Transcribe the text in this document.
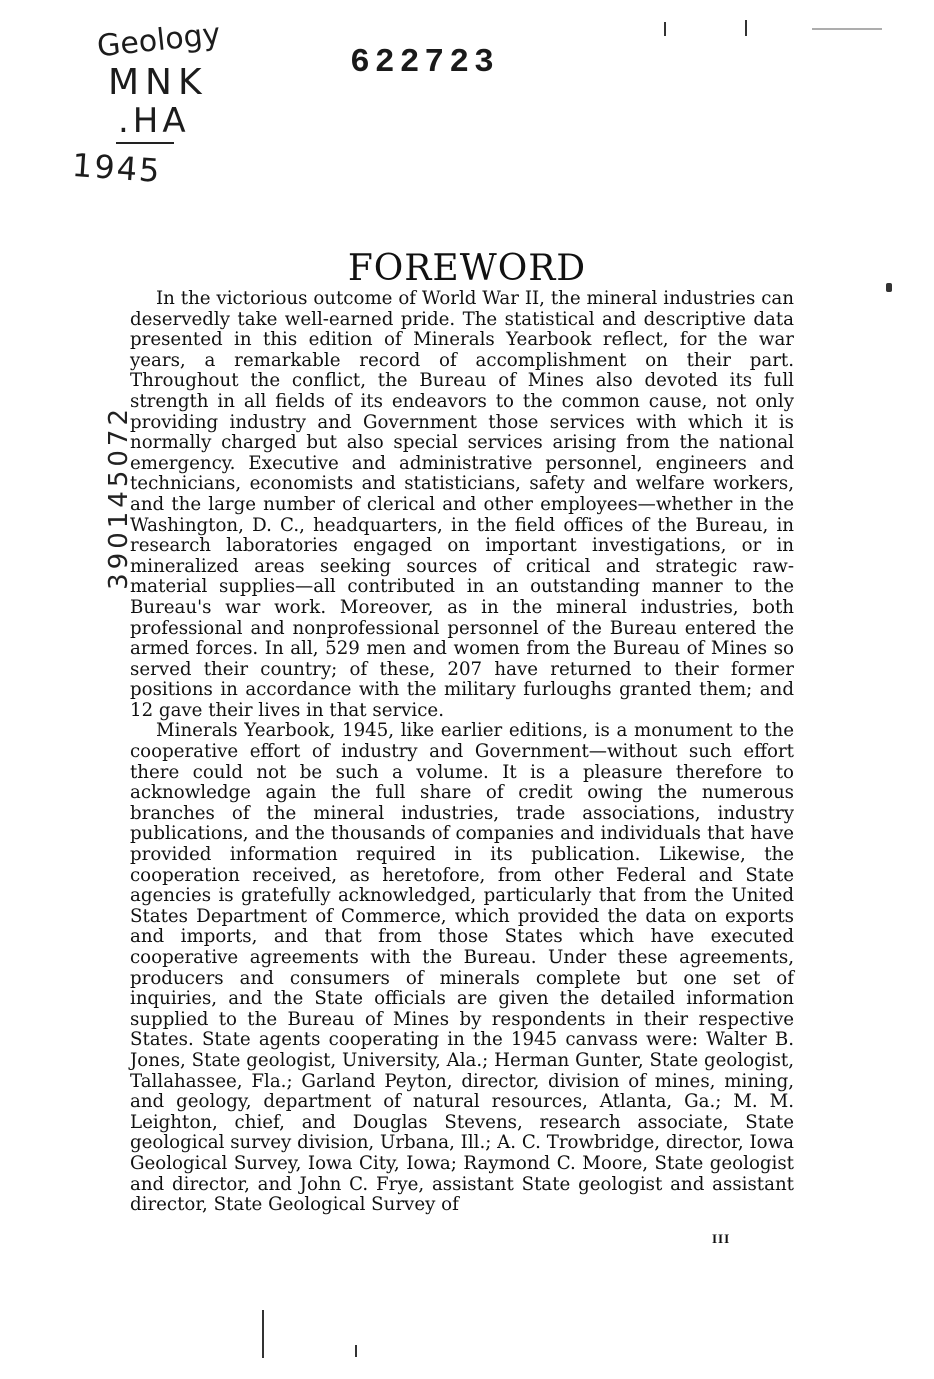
622723
Geology
MNK
.HA
1945
390145072
FOREWORD

In the victorious outcome of World War II, the mineral industries can deservedly take well-earned pride. The statistical and descriptive data presented in this edition of Minerals Yearbook reflect, for the war years, a remarkable record of accomplishment on their part. Throughout the conflict, the Bureau of Mines also devoted its full strength in all fields of its endeavors to the common cause, not only providing industry and Government those services with which it is normally charged but also special services arising from the national emergency. Executive and administrative personnel, engineers and technicians, economists and statisticians, safety and welfare workers, and the large number of clerical and other employees—whether in the Washington, D. C., headquarters, in the field offices of the Bureau, in research laboratories engaged on important investigations, or in mineralized areas seeking sources of critical and strategic raw-material supplies—all contributed in an outstanding manner to the Bureau's war work. Moreover, as in the mineral industries, both professional and nonprofessional personnel of the Bureau entered the armed forces. In all, 529 men and women from the Bureau of Mines so served their country; of these, 207 have returned to their former positions in accordance with the military furloughs granted them; and 12 gave their lives in that service.

Minerals Yearbook, 1945, like earlier editions, is a monument to the cooperative effort of industry and Government—without such effort there could not be such a volume. It is a pleasure therefore to acknowledge again the full share of credit owing the numerous branches of the mineral industries, trade associations, industry publications, and the thousands of companies and individuals that have provided information required in its publication. Likewise, the cooperation received, as heretofore, from other Federal and State agencies is gratefully acknowledged, particularly that from the United States Department of Commerce, which provided the data on exports and imports, and that from those States which have executed cooperative agreements with the Bureau. Under these agreements, producers and consumers of minerals complete but one set of inquiries, and the State officials are given the detailed information supplied to the Bureau of Mines by respondents in their respective States. State agents cooperating in the 1945 canvass were: Walter B. Jones, State geologist, University, Ala.; Herman Gunter, State geologist, Tallahassee, Fla.; Garland Peyton, director, division of mines, mining, and geology, department of natural resources, Atlanta, Ga.; M. M. Leighton, chief, and Douglas Stevens, research associate, State geological survey division, Urbana, Ill.; A. C. Trowbridge, director, Iowa Geological Survey, Iowa City, Iowa; Raymond C. Moore, State geologist and director, and John C. Frye, assistant State geologist and assistant director, State Geological Survey of

III
